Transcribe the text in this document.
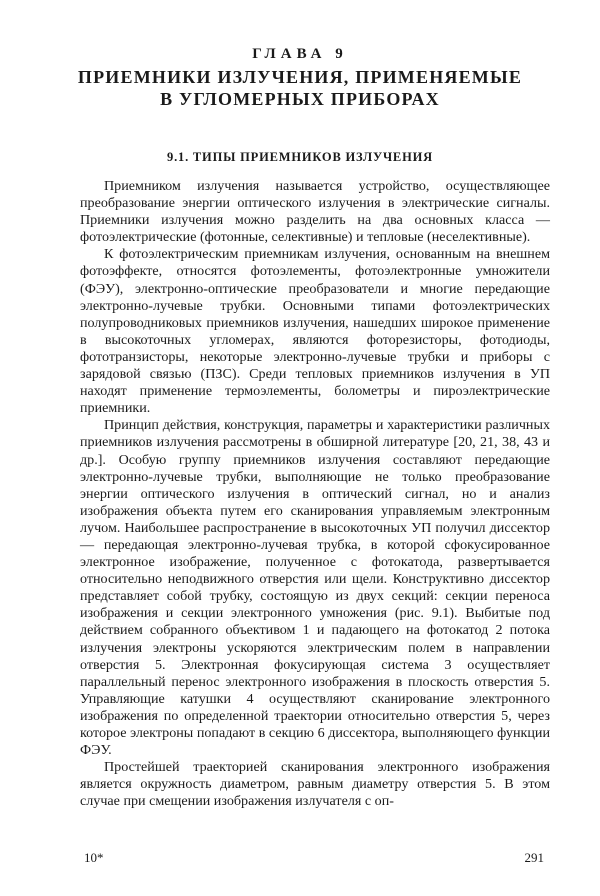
ГЛАВА 9
ПРИЕМНИКИ ИЗЛУЧЕНИЯ, ПРИМЕНЯЕМЫЕ
В УГЛОМЕРНЫХ ПРИБОРАХ
9.1. ТИПЫ ПРИЕМНИКОВ ИЗЛУЧЕНИЯ

Приемником излучения называется устройство, осуществляющее преобразование энергии оптического излучения в электрические сигналы. Приемники излучения можно разделить на два основных класса — фотоэлектрические (фотонные, селективные) и тепловые (неселективные).

К фотоэлектрическим приемникам излучения, основанным на внешнем фотоэффекте, относятся фотоэлементы, фотоэлектронные умножители (ФЭУ), электронно-оптические преобразователи и многие передающие электронно-лучевые трубки. Основными типами фотоэлектрических полупроводниковых приемников излучения, нашедших широкое применение в высокоточных угломерах, являются фоторезисторы, фотодиоды, фототранзисторы, некоторые электронно-лучевые трубки и приборы с зарядовой связью (ПЗС). Среди тепловых приемников излучения в УП находят применение термоэлементы, болометры и пироэлектрические приемники.

Принцип действия, конструкция, параметры и характеристики различных приемников излучения рассмотрены в обширной литературе [20, 21, 38, 43 и др.]. Особую группу приемников излучения составляют передающие электронно-лучевые трубки, выполняющие не только преобразование энергии оптического излучения в оптический сигнал, но и анализ изображения объекта путем его сканирования управляемым электронным лучом. Наибольшее распространение в высокоточных УП получил диссектор — передающая электронно-лучевая трубка, в которой сфокусированное электронное изображение, полученное с фотокатода, развертывается относительно неподвижного отверстия или щели. Конструктивно диссектор представляет собой трубку, состоящую из двух секций: секции переноса изображения и секции электронного умножения (рис. 9.1). Выбитые под действием собранного объективом 1 и падающего на фотокатод 2 потока излучения электроны ускоряются электрическим полем в направлении отверстия 5. Электронная фокусирующая система 3 осуществляет параллельный перенос электронного изображения в плоскость отверстия 5. Управляющие катушки 4 осуществляют сканирование электронного изображения по определенной траектории относительно отверстия 5, через которое электроны попадают в секцию 6 диссектора, выполняющего функции ФЭУ.

Простейшей траекторией сканирования электронного изображения является окружность диаметром, равным диаметру отверстия 5. В этом случае при смещении изображения излучателя с оп-

10*	291
